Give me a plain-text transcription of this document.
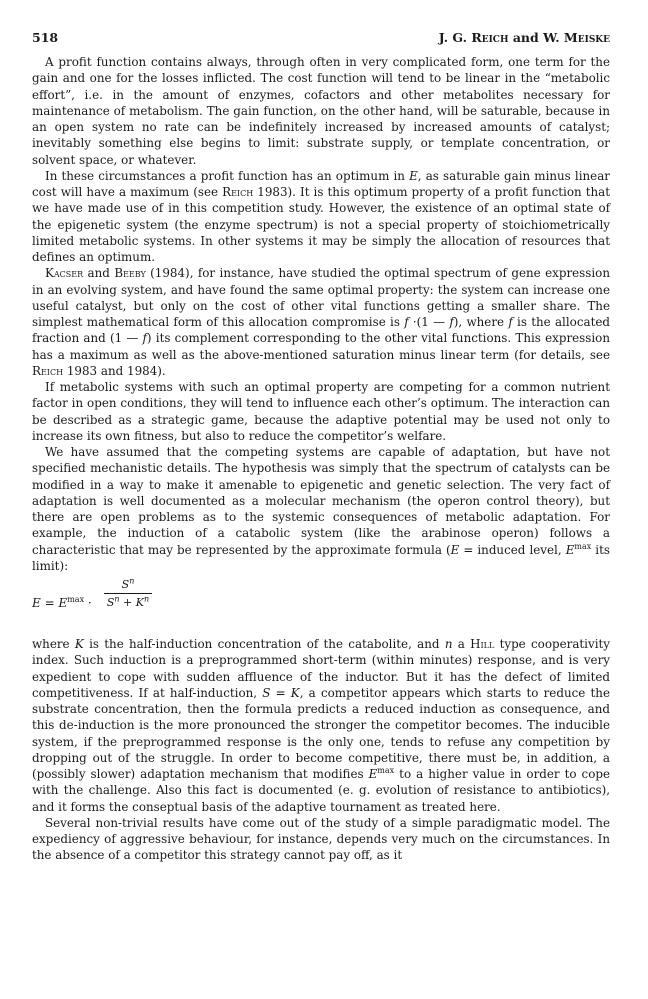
518	J. G. Reich and W. Meiske

A profit function contains always, through often in very complicated form, one term for the gain and one for the losses inflicted. The cost function will tend to be linear in the “metabolic effort”, i.e. in the amount of enzymes, cofactors and other metabolites necessary for maintenance of metabolism. The gain function, on the other hand, will be saturable, because in an open system no rate can be indefinitely increased by increased amounts of catalyst; inevitably something else begins to limit: substrate supply, or template concentration, or solvent space, or whatever.

In these circumstances a profit function has an optimum in E, as saturable gain minus linear cost will have a maximum (see Reich 1983). It is this optimum property of a profit function that we have made use of in this competition study. However, the existence of an optimal state of the epigenetic system (the enzyme spectrum) is not a special property of stoichiometrically limited metabolic systems. In other systems it may be simply the allocation of resources that defines an optimum.

Kacser and Beeby (1984), for instance, have studied the optimal spectrum of gene expression in an evolving system, and have found the same optimal property: the system can increase one useful catalyst, but only on the cost of other vital functions getting a smaller share. The simplest mathematical form of this allocation compromise is f ·(1 — f), where f is the allocated fraction and (1 — f) its complement corresponding to the other vital functions. This expression has a maximum as well as the above-mentioned saturation minus linear term (for details, see Reich 1983 and 1984).

If metabolic systems with such an optimal property are competing for a common nutrient factor in open conditions, they will tend to influence each other’s optimum. The interaction can be described as a strategic game, because the adaptive potential may be used not only to increase its own fitness, but also to reduce the competitor’s welfare.

We have assumed that the competing systems are capable of adaptation, but have not specified mechanistic details. The hypothesis was simply that the spectrum of catalysts can be modified in a way to make it amenable to epigenetic and genetic selection. The very fact of adaptation is well documented as a molecular mechanism (the operon control theory), but there are open problems as to the systemic consequences of metabolic adaptation. For example, the induction of a catabolic system (like the arabinose operon) follows a characteristic that may be represented by the approximate formula (E = induced level, $E^{max}$ its limit):

$E = E^{max}$ ·
$S^n$
$S^n + K^n$

where K is the half-induction concentration of the catabolite, and n a Hill type cooperativity index. Such induction is a preprogrammed short-term (within minutes) response, and is very expedient to cope with sudden affluence of the inductor. But it has the defect of limited competitiveness. If at half-induction, S = K, a competitor appears which starts to reduce the substrate concentration, then the formula predicts a reduced induction as consequence, and this de-induction is the more pronounced the stronger the competitor becomes. The inducible system, if the preprogrammed response is the only one, tends to refuse any competition by dropping out of the struggle. In order to become competitive, there must be, in addition, a (possibly slower) adaptation mechanism that modifies $E^{max}$ to a higher value in order to cope with the challenge. Also this fact is documented (e. g. evolution of resistance to antibiotics), and it forms the conseptual basis of the adaptive tournament as treated here.

Several non-trivial results have come out of the study of a simple paradigmatic model. The expediency of aggressive behaviour, for instance, depends very much on the circumstances. In the absence of a competitor this strategy cannot pay off, as it
